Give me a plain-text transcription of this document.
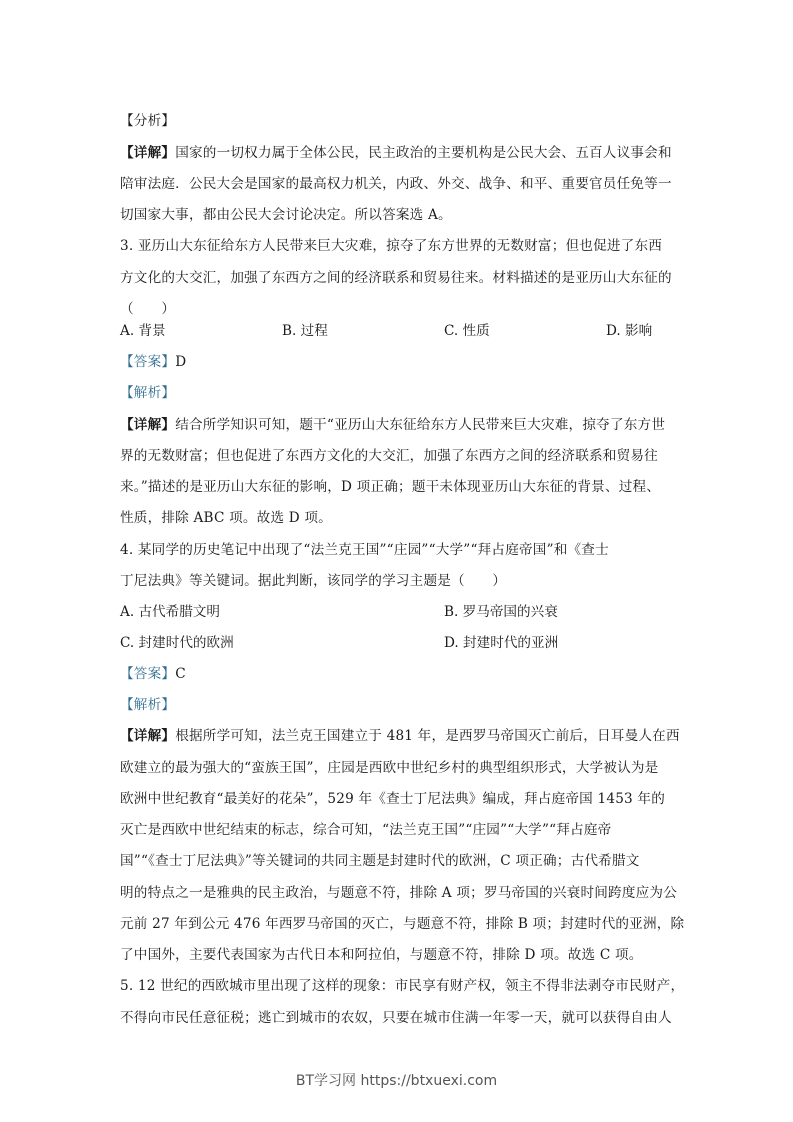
【分析】
【详解】国家的一切权力属于全体公民，民主政治的主要机构是公民大会、五百人议事会和
陪审法庭．公民大会是国家的最高权力机关，内政、外交、战争、和平、重要官员任免等一
切国家大事，都由公民大会讨论决定。所以答案选 A。
3. 亚历山大东征给东方人民带来巨大灾难，掠夺了东方世界的无数财富；但也促进了东西
方文化的大交汇，加强了东西方之间的经济联系和贸易往来。材料描述的是亚历山大东征的
（　　）
A. 背景	B. 过程	C. 性质	D. 影响
【答案】D
【解析】
【详解】结合所学知识可知，题干“亚历山大东征给东方人民带来巨大灾难，掠夺了东方世
界的无数财富；但也促进了东西方文化的大交汇，加强了东西方之间的经济联系和贸易往
来。”描述的是亚历山大东征的影响，D 项正确；题干未体现亚历山大东征的背景、过程、
性质，排除 ABC 项。故选 D 项。
4. 某同学的历史笔记中出现了“法兰克王国”“庄园”“大学”“拜占庭帝国”和《查士
丁尼法典》等关键词。据此判断，该同学的学习主题是（　　）
A. 古代希腊文明	B. 罗马帝国的兴衰
C. 封建时代的欧洲	D. 封建时代的亚洲
【答案】C
【解析】
【详解】根据所学可知，法兰克王国建立于 481 年，是西罗马帝国灭亡前后，日耳曼人在西
欧建立的最为强大的“蛮族王国”，庄园是西欧中世纪乡村的典型组织形式，大学被认为是
欧洲中世纪教育“最美好的花朵”，529 年《查士丁尼法典》编成，拜占庭帝国 1453 年的
灭亡是西欧中世纪结束的标志，综合可知，“法兰克王国”“庄园”“大学”“拜占庭帝
国”“《查士丁尼法典》”等关键词的共同主题是封建时代的欧洲，C 项正确；古代希腊文
明的特点之一是雅典的民主政治，与题意不符，排除 A 项；罗马帝国的兴衰时间跨度应为公
元前 27 年到公元 476 年西罗马帝国的灭亡，与题意不符，排除 B 项；封建时代的亚洲，除
了中国外，主要代表国家为古代日本和阿拉伯，与题意不符，排除 D 项。故选 C 项。
5. 12 世纪的西欧城市里出现了这样的现象：市民享有财产权，领主不得非法剥夺市民财产，
不得向市民任意征税；逃亡到城市的农奴，只要在城市住满一年零一天，就可以获得自由人
BT学习网 https://btxuexi.com
